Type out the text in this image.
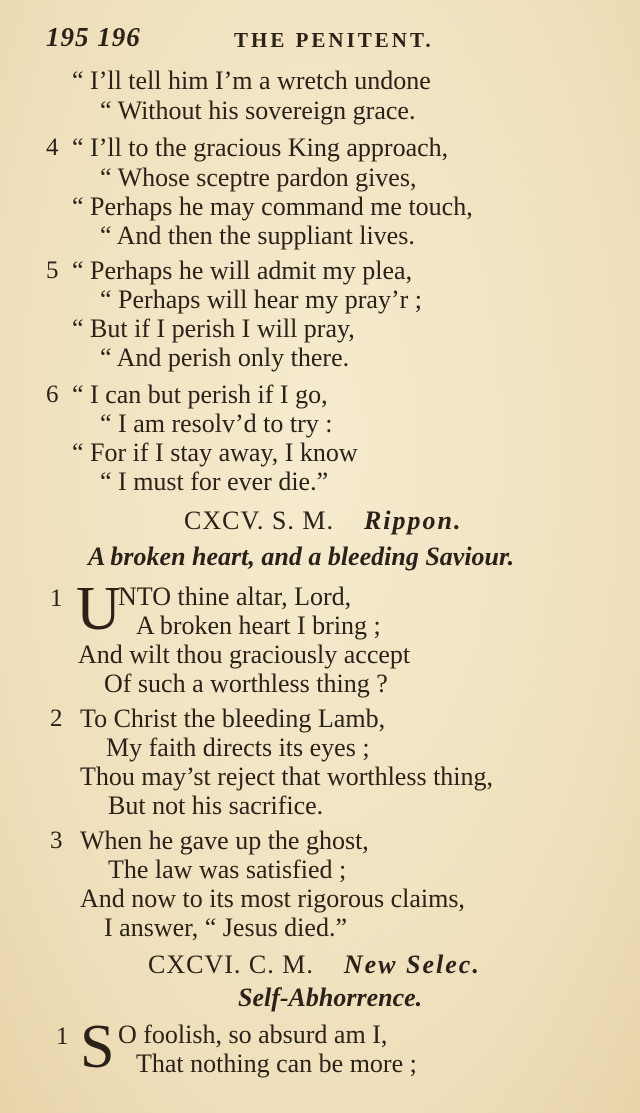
195 196	THE PENITENT.
“ I’ll tell him I’m a wretch undone
“ Without his sovereign grace.
4 “ I’ll to the gracious King approach,
“ Whose sceptre pardon gives,
“ Perhaps he may command me touch,
“ And then the suppliant lives.
5 “ Perhaps he will admit my plea,
“ Perhaps will hear my pray’r ;
“ But if I perish I will pray,
“ And perish only there.
6 “ I can but perish if I go,
“ I am resolv’d to try :
“ For if I stay away, I know
“ I must for ever die.”
CXCV. S. M. Rippon.
A broken heart, and a bleeding Saviour.
1 U
NTO thine altar, Lord,
A broken heart I bring ;
And wilt thou graciously accept
Of such a worthless thing ?
2 To Christ the bleeding Lamb,
My faith directs its eyes ;
Thou may’st reject that worthless thing,
But not his sacrifice.
3 When he gave up the ghost,
The law was satisfied ;
And now to its most rigorous claims,
I answer, “ Jesus died.”
CXCVI. C. M. New Selec.
Self-Abhorrence.
1 S O foolish, so absurd am I,
That nothing can be more ;
